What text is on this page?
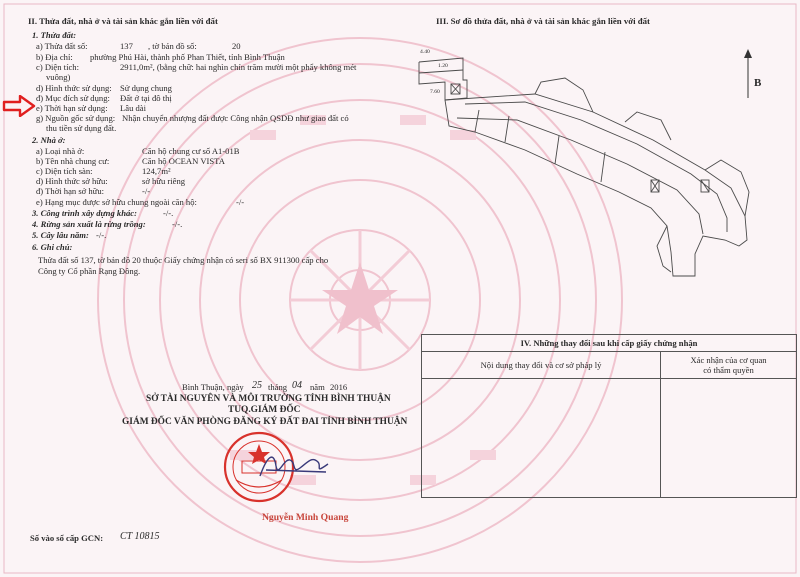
II. Thửa đất, nhà ở và tài sản khác gắn liền với đất
1. Thửa đất:
a) Thửa đất số:	137 , tờ bản đồ số:	20
b) Địa chỉ: phường Phú Hài, thành phố Phan Thiết, tỉnh Bình Thuận
c) Diện tích:	2911,0m², (bằng chữ: hai nghìn chín trăm mười một phẩy không mét
vuông)
d) Hình thức sử dụng: Sử dụng chung
đ) Mục đích sử dụng: Đất ở tại đô thị
e) Thời hạn sử dụng: Lâu dài
g) Nguồn gốc sử dụng: Nhận chuyển nhượng đất được Công nhận QSDĐ như giao đất có
thu tiền sử dụng đất.
2. Nhà ở:
a) Loại nhà ở:	Căn hộ chung cư số A1-01B
b) Tên nhà chung cư:	Căn hộ OCEAN VISTA
c) Diện tích sàn:	124,7m²
d) Hình thức sở hữu:	sở hữu riêng
đ) Thời hạn sở hữu:	-/-
e) Hạng mục được sở hữu chung ngoài căn hộ:	-/-
3. Công trình xây dựng khác:	-/-.
4. Rừng sản xuất là rừng trồng:	-/-.
5. Cây lâu năm: -/-.
6. Ghi chú:
Thửa đất số 137, tờ bản đồ 20 thuộc Giấy chứng nhận có seri số BX 911300 cấp cho
Công ty Cổ phần Rạng Đông.
III. Sơ đồ thửa đất, nhà ở và tài sản khác gắn liền với đất
B
4.40
1.20
7.60
IV. Những thay đổi sau khi cấp giấy chứng nhận	
Nội dung thay đổi và cơ sở pháp lý	Xác nhận của cơ quan
có thẩm quyền

Bình Thuận, ngày 25 tháng 04 năm 2016
SỞ TÀI NGUYÊN VÀ MÔI TRƯỜNG TỈNH BÌNH THUẬN
TUQ.GIÁM ĐỐC
GIÁM ĐỐC VĂN PHÒNG ĐĂNG KÝ ĐẤT ĐAI TỈNH BÌNH THUẬN
Nguyễn Minh Quang
Số vào sổ cấp GCN: CT 10815
